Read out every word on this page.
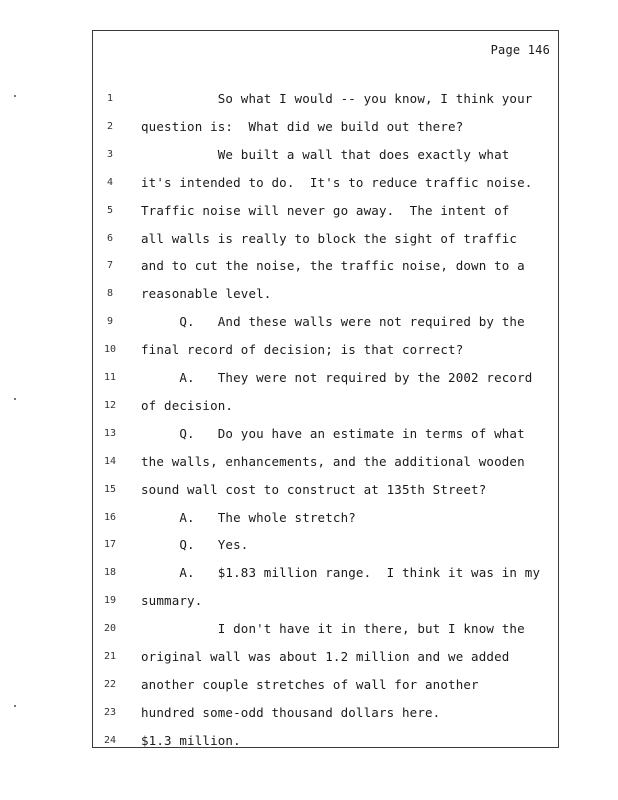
Page 146
1	So what I would -- you know, I think your
2	question is:  What did we build out there?
3	We built a wall that does exactly what
4	it's intended to do.  It's to reduce traffic noise.
5	Traffic noise will never go away.  The intent of
6	all walls is really to block the sight of traffic
7	and to cut the noise, the traffic noise, down to a
8	reasonable level.
9	Q.   And these walls were not required by the
10	final record of decision; is that correct?
11	A.   They were not required by the 2002 record
12	of decision.
13	Q.   Do you have an estimate in terms of what
14	the walls, enhancements, and the additional wooden
15	sound wall cost to construct at 135th Street?
16	A.   The whole stretch?
17	Q.   Yes.
18	A.   $1.83 million range.  I think it was in my
19	summary.
20	I don't have it in there, but I know the
21	original wall was about 1.2 million and we added
22	another couple stretches of wall for another
23	hundred some-odd thousand dollars here.
24	$1.3 million.
